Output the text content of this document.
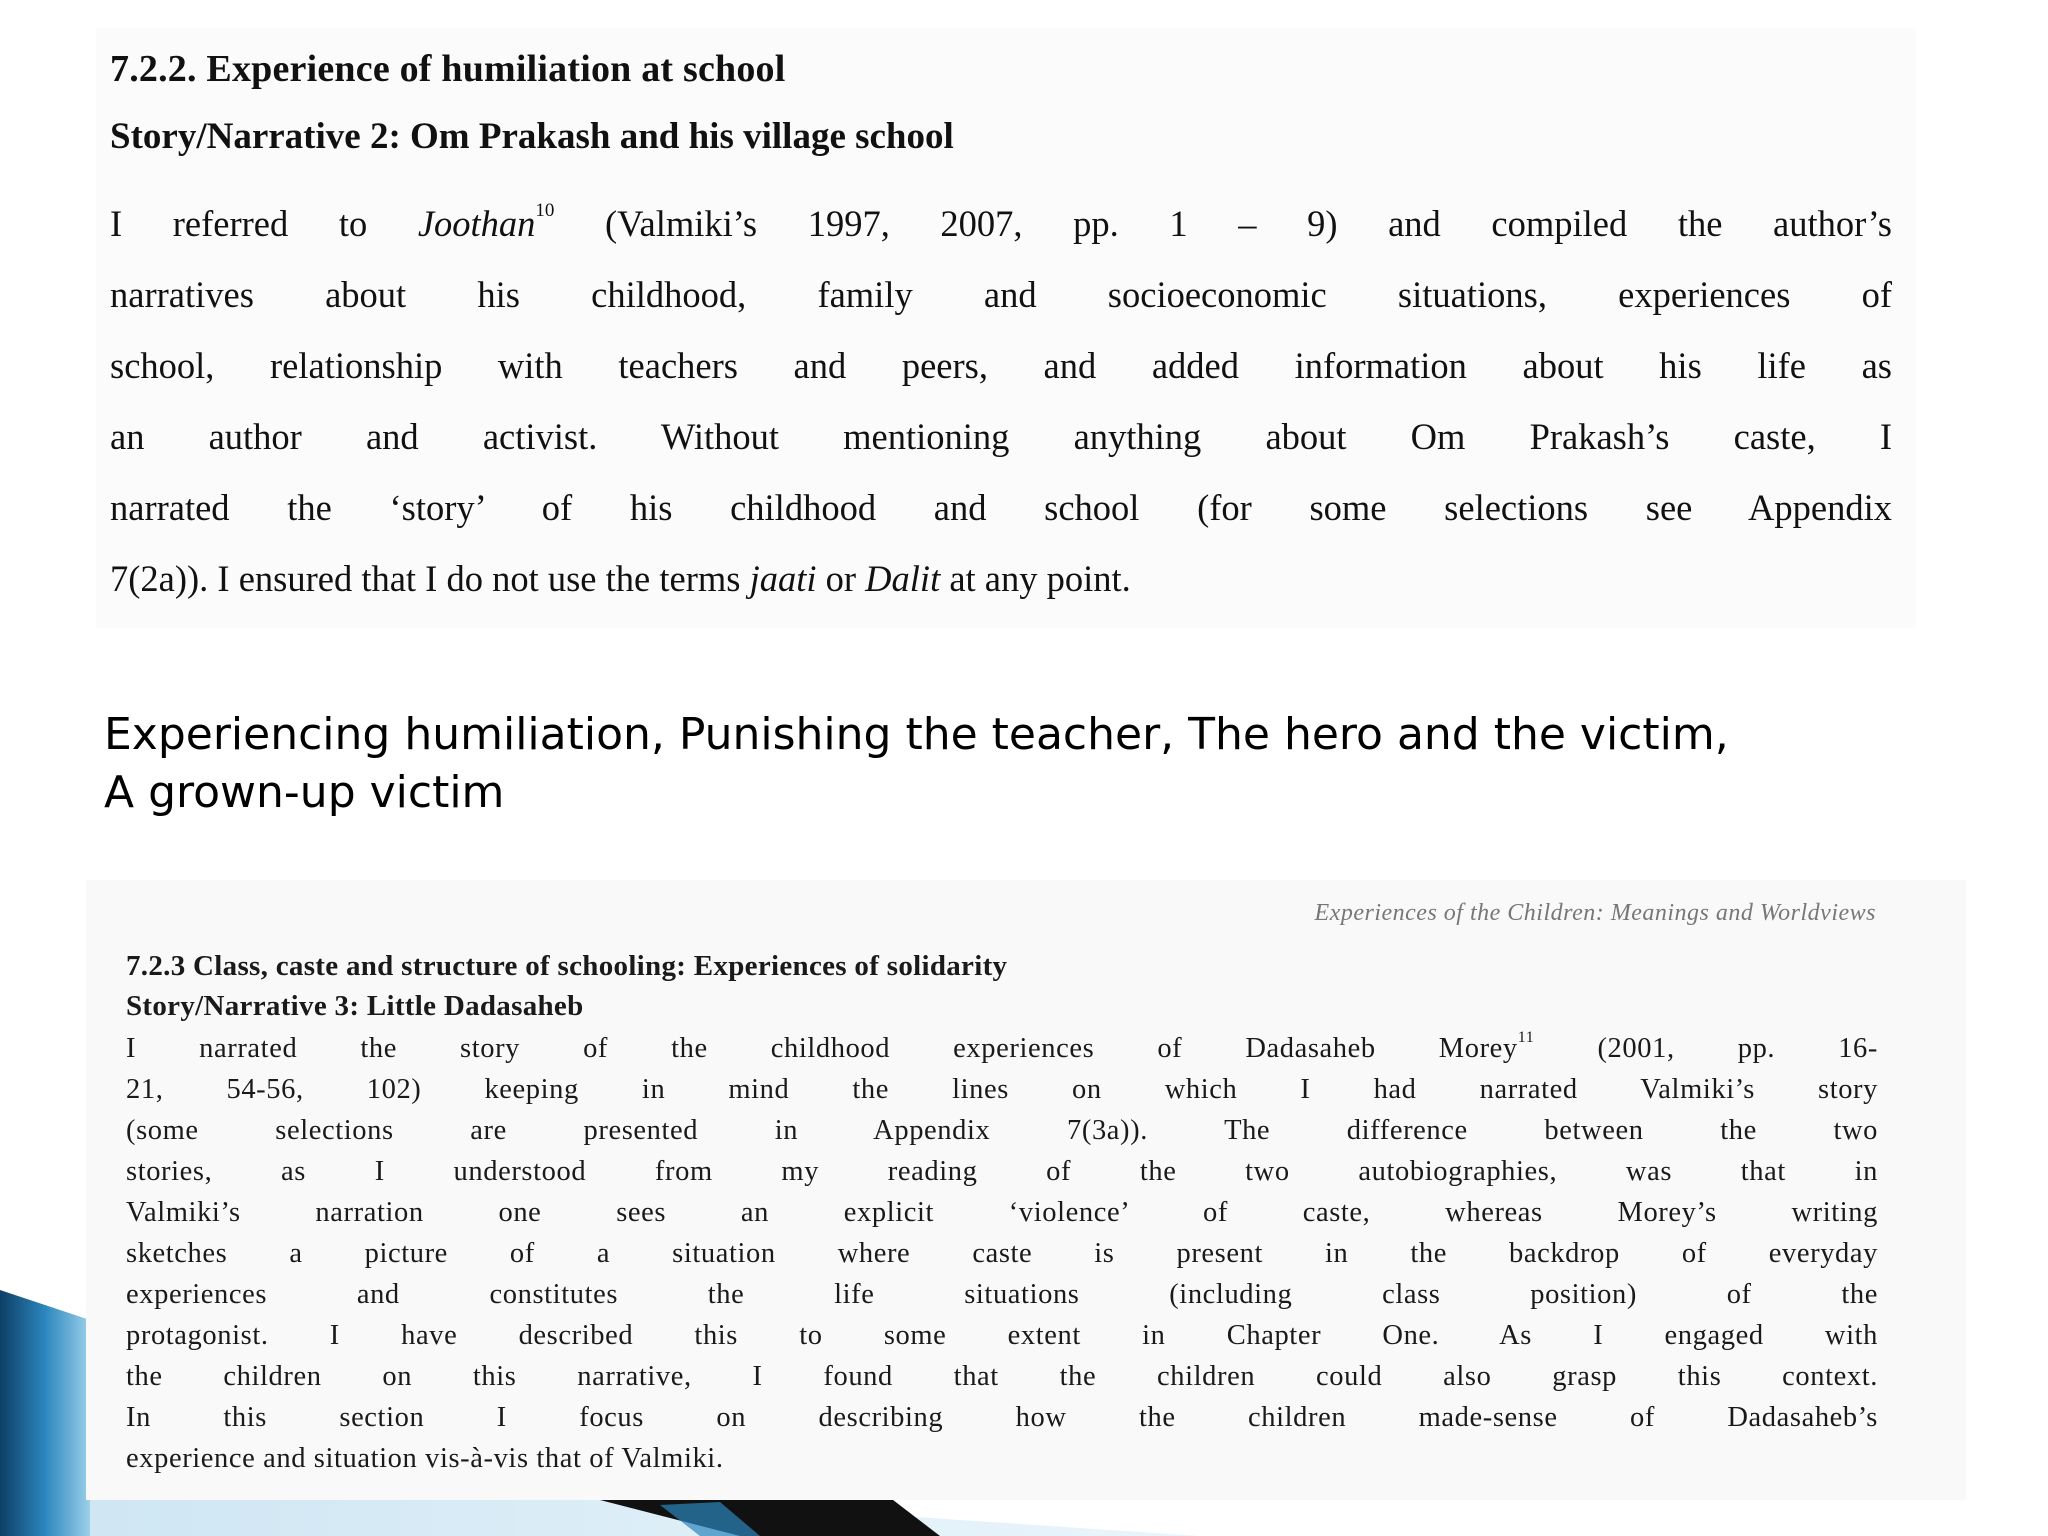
7.2.2. Experience of humiliation at school
Story/Narrative 2: Om Prakash and his village school
I referred to Joothan$^{10}$ (Valmiki’s 1997, 2007, pp. 1 – 9) and compiled the author’s
narratives about his childhood, family and socioeconomic situations, experiences of
school, relationship with teachers and peers, and added information about his life as
an author and activist. Without mentioning anything about Om Prakash’s caste, I
narrated the ‘story’ of his childhood and school (for some selections see Appendix
7(2a)). I ensured that I do not use the terms jaati or Dalit at any point.
Experiencing humiliation, Punishing the teacher, The hero and the victim,
A grown-up victim
Experiences of the Children: Meanings and Worldviews
7.2.3 Class, caste and structure of schooling: Experiences of solidarity
Story/Narrative 3: Little Dadasaheb
I narrated the story of the childhood experiences of Dadasaheb Morey$^{11}$ (2001, pp. 16-
21, 54-56, 102) keeping in mind the lines on which I had narrated Valmiki’s story
(some selections are presented in Appendix 7(3a)). The difference between the two
stories, as I understood from my reading of the two autobiographies, was that in
Valmiki’s narration one sees an explicit ‘violence’ of caste, whereas Morey’s writing
sketches a picture of a situation where caste is present in the backdrop of everyday
experiences and constitutes the life situations (including class position) of the
protagonist. I have described this to some extent in Chapter One. As I engaged with
the children on this narrative, I found that the children could also grasp this context.
In this section I focus on describing how the children made-sense of Dadasaheb’s
experience and situation vis-à-vis that of Valmiki.
